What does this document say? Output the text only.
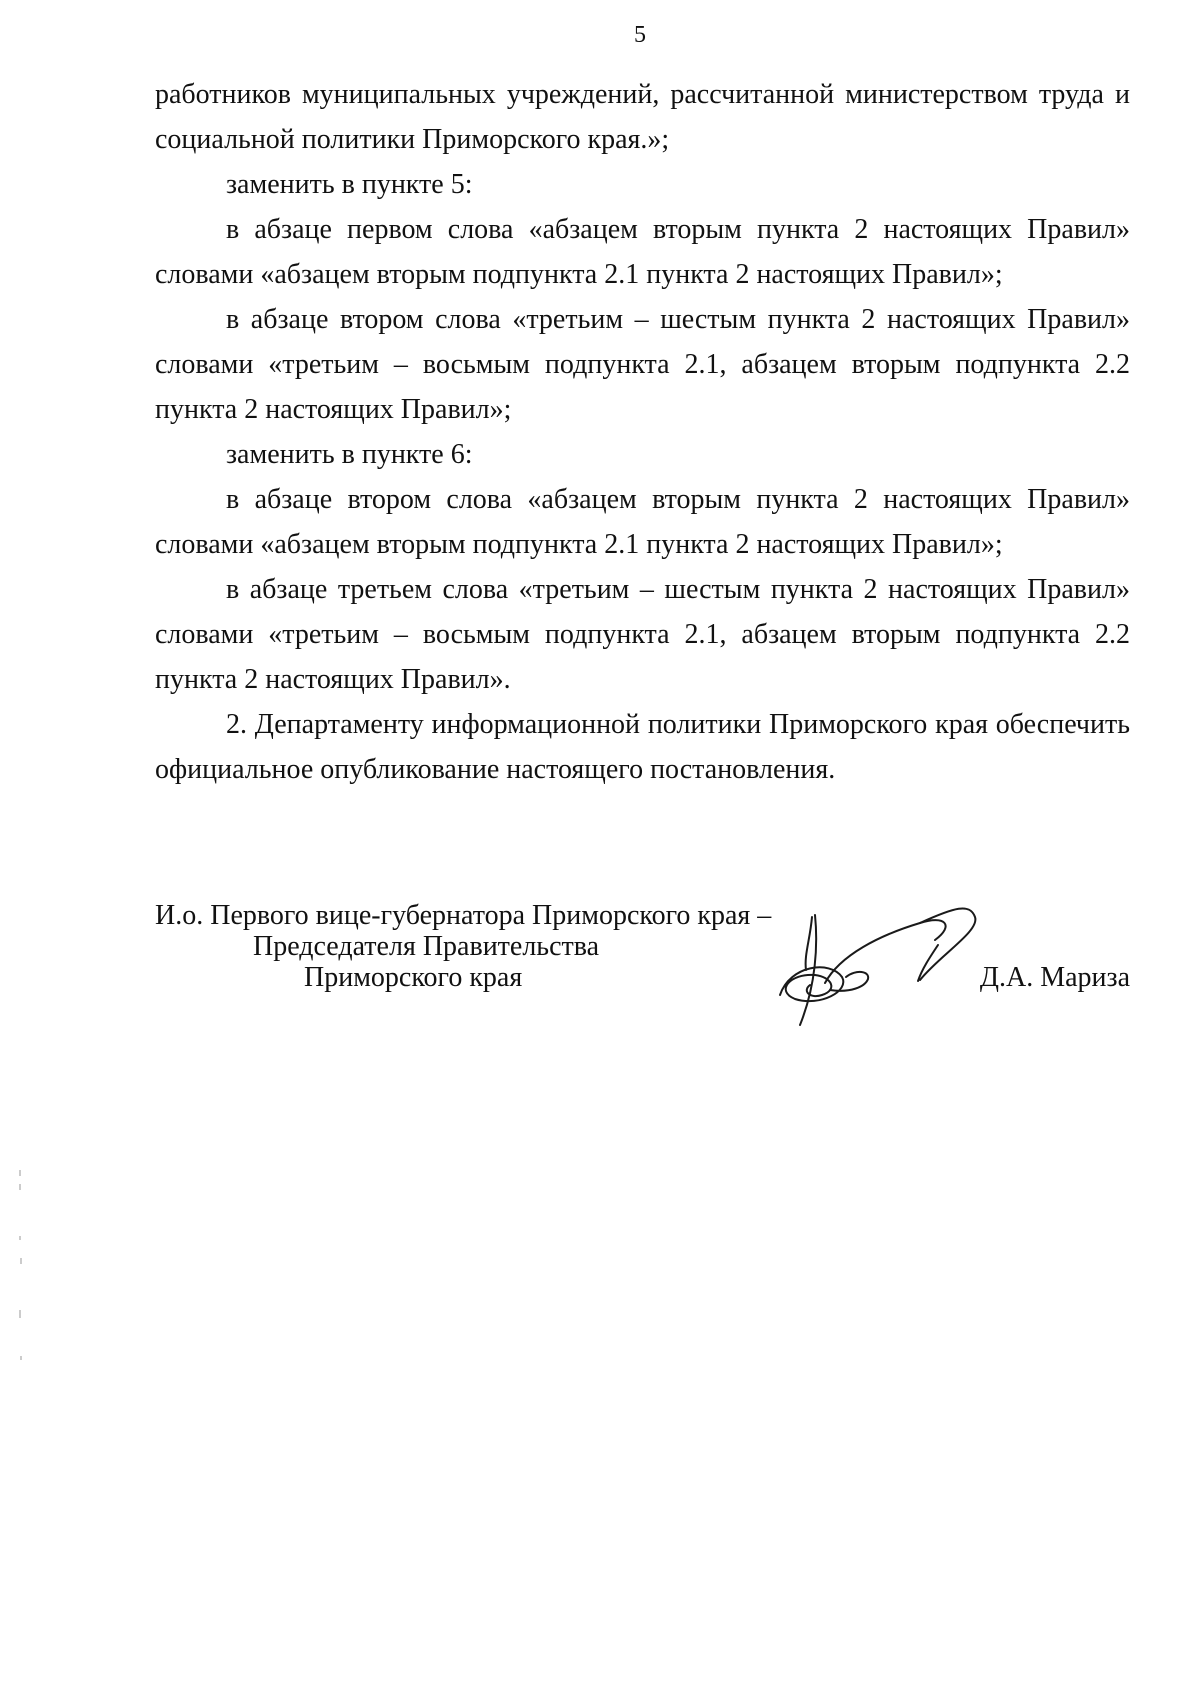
5

работников муниципальных учреждений, рассчитанной министерством труда и социальной политики Приморского края.»;

заменить в пункте 5:

в абзаце первом слова «абзацем вторым пункта 2 настоящих Правил» словами «абзацем вторым подпункта 2.1 пункта 2 настоящих Правил»;

в абзаце втором слова «третьим – шестым пункта 2 настоящих Правил» словами «третьим – восьмым подпункта 2.1, абзацем вторым подпункта 2.2 пункта 2 настоящих Правил»;

заменить в пункте 6:

в абзаце втором слова «абзацем вторым пункта 2 настоящих Правил» словами «абзацем вторым подпункта 2.1 пункта 2 настоящих Правил»;

в абзаце третьем слова «третьим – шестым пункта 2 настоящих Правил» словами «третьим – восьмым подпункта 2.1, абзацем вторым подпункта 2.2 пункта 2 настоящих Правил».

2. Департаменту информационной политики Приморского края обеспечить официальное опубликование настоящего постановления.

И.о. Первого вице-губернатора Приморского края –
Председателя Правительства
Приморского края	Д.А. Мариза
